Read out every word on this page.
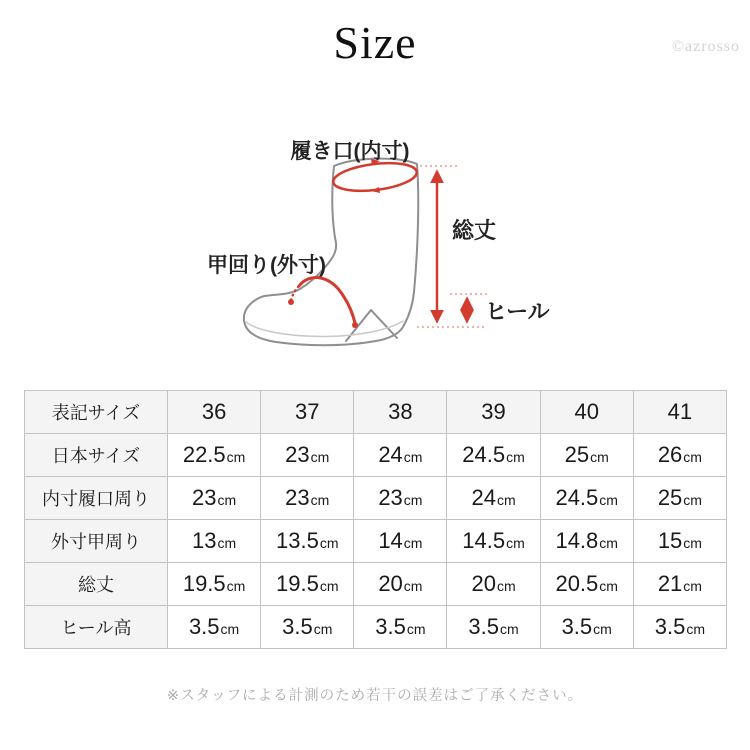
Size	©azrosso
履き口(内寸)
甲回り(外寸)
総丈
ヒール
表記サイズ	36	37	38	39	40	41
日本サイズ	22.5cm	23cm	24cm	24.5cm	25cm	26cm
内寸履口周り	23cm	23cm	23cm	24cm	24.5cm	25cm
外寸甲周り	13cm	13.5cm	14cm	14.5cm	14.8cm	15cm
総丈	19.5cm	19.5cm	20cm	20cm	20.5cm	21cm
ヒール高	3.5cm	3.5cm	3.5cm	3.5cm	3.5cm	3.5cm
※スタッフによる計測のため若干の誤差はご了承ください。
